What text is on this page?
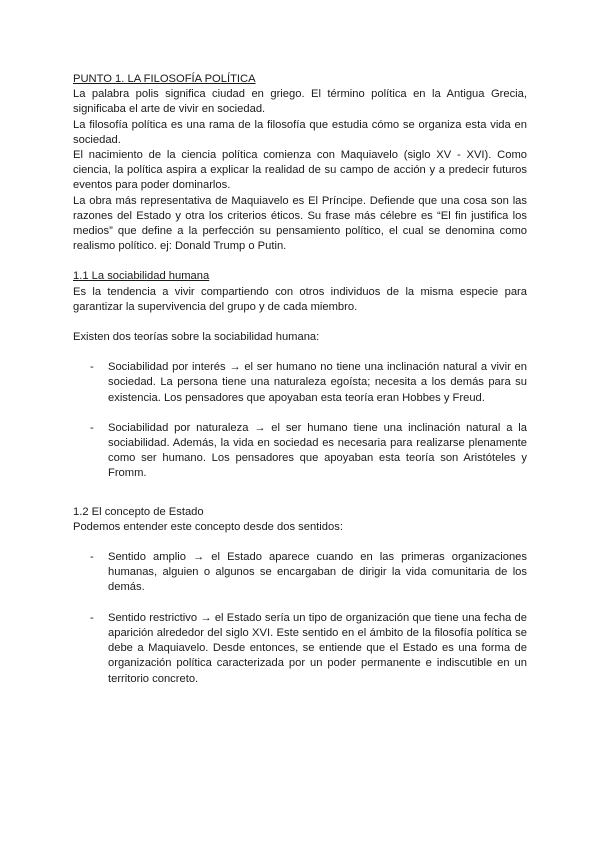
PUNTO 1. LA FILOSOFÍA POLÍTICA

La palabra polis significa ciudad en griego. El término política en la Antigua Grecia, significaba el arte de vivir en sociedad.

La filosofía política es una rama de la filosofía que estudia cómo se organiza esta vida en sociedad.

El nacimiento de la ciencia política comienza con Maquiavelo (siglo XV - XVI). Como ciencia, la política aspira a explicar la realidad de su campo de acción y a predecir futuros eventos para poder dominarlos.

La obra más representativa de Maquiavelo es El Príncipe. Defiende que una cosa son las razones del Estado y otra los criterios éticos. Su frase más célebre es “El fin justifica los medios” que define a la perfección su pensamiento político, el cual se denomina como realismo político. ej: Donald Trump o Putin.

1.1 La sociabilidad humana

Es la tendencia a vivir compartiendo con otros individuos de la misma especie para garantizar la supervivencia del grupo y de cada miembro.

Existen dos teorías sobre la sociabilidad humana:

- Sociabilidad por interés → el ser humano no tiene una inclinación natural a vivir en sociedad. La persona tiene una naturaleza egoísta; necesita a los demás para su existencia. Los pensadores que apoyaban esta teoría eran Hobbes y Freud.
- Sociabilidad por naturaleza → el ser humano tiene una inclinación natural a la sociabilidad. Además, la vida en sociedad es necesaria para realizarse plenamente como ser humano. Los pensadores que apoyaban esta teoría son Aristóteles y Fromm.
1.2 El concepto de Estado

Podemos entender este concepto desde dos sentidos:

- Sentido amplio → el Estado aparece cuando en las primeras organizaciones humanas, alguien o algunos se encargaban de dirigir la vida comunitaria de los demás.
- Sentido restrictivo → el Estado sería un tipo de organización que tiene una fecha de aparición alrededor del siglo XVI. Este sentido en el ámbito de la filosofía política se debe a Maquiavelo. Desde entonces, se entiende que el Estado es una forma de organización política caracterizada por un poder permanente e indiscutible en un territorio concreto.
